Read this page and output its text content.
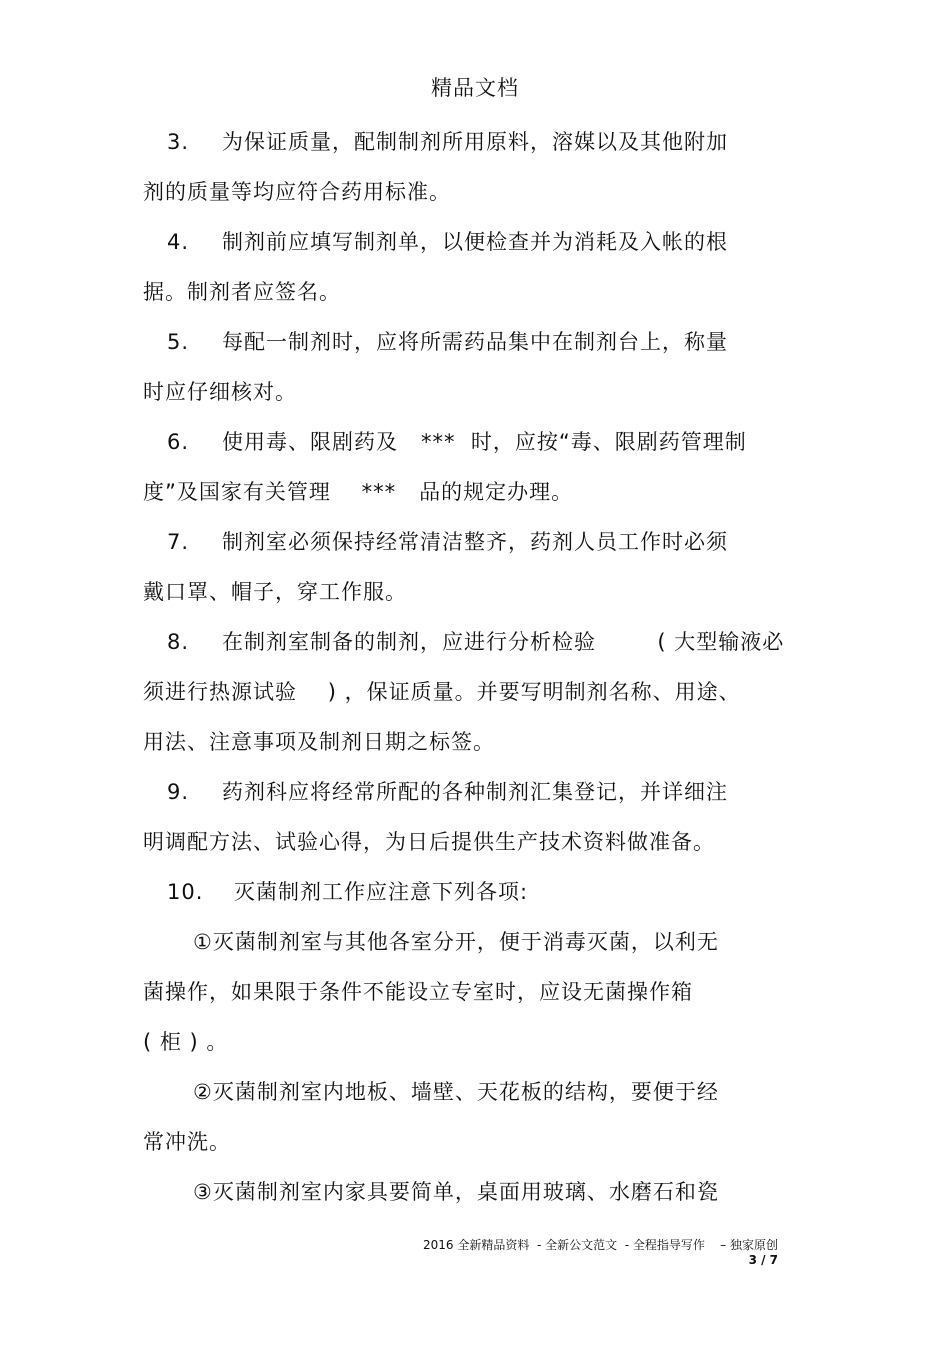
精品文档
3. 为保证质量，配制制剂所用原料，溶媒以及其他附加
剂的质量等均应符合药用标准。
4. 制剂前应填写制剂单，以便检查并为消耗及入帐的根
据。制剂者应签名。
5. 每配一制剂时，应将所需药品集中在制剂台上，称量
时应仔细核对。
6. 使用毒、限剧药及   ***  时，应按“毒、限剧药管理制
度”及国家有关管理    ***   品的规定办理。
7. 制剂室必须保持经常清洁整齐，药剂人员工作时必须
戴口罩、帽子，穿工作服。
8. 在制剂室制备的制剂，应进行分析检验        ( 大型输液必
须进行热源试验    ) ，保证质量。并要写明制剂名称、用途、
用法、注意事项及制剂日期之标签。
9. 药剂科应将经常所配的各种制剂汇集登记，并详细注
明调配方法、试验心得，为日后提供生产技术资料做准备。
10. 灭菌制剂工作应注意下列各项:
①灭菌制剂室与其他各室分开，便于消毒灭菌，以利无
菌操作，如果限于条件不能设立专室时，应设无菌操作箱
( 柜 ) 。
②灭菌制剂室内地板、墙壁、天花板的结构，要便于经
常冲洗。
③灭菌制剂室内家具要简单，桌面用玻璃、水磨石和瓷
2016 全新精品资料  - 全新公文范文  - 全程指导写作    – 独家原创
3 / 7
